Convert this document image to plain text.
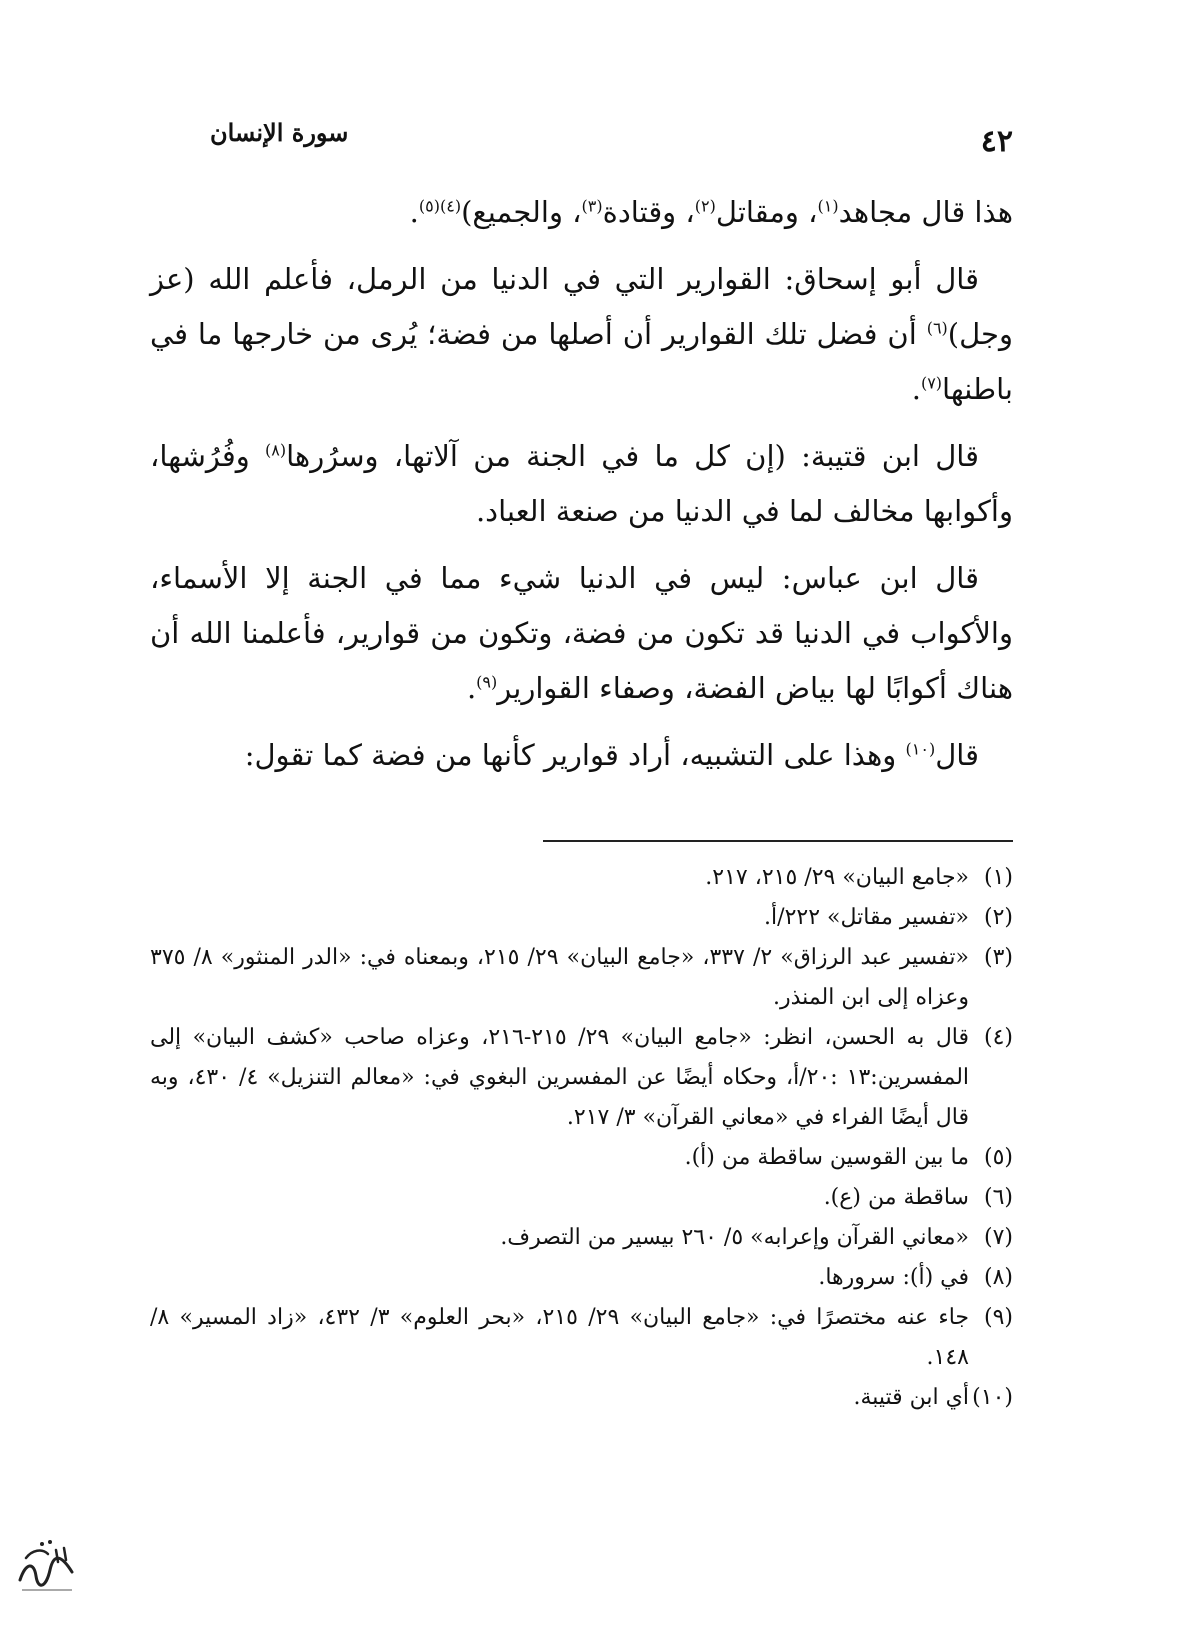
٤٢
سورة الإنسان

هذا قال مجاهد$^{(١)}$، ومقاتل$^{(٢)}$، وقتادة$^{(٣)}$، والجميع)$^{(٤)(٥)}$.

قال أبو إسحاق: القوارير التي في الدنيا من الرمل، فأعلم الله (عز وجل)$^{(٦)}$ أن فضل تلك القوارير أن أصلها من فضة؛ يُرى من خارجها ما في باطنها$^{(٧)}$.

قال ابن قتيبة: (إن كل ما في الجنة من آلاتها، وسرُرها$^{(٨)}$ وفُرُشها، وأكوابها مخالف لما في الدنيا من صنعة العباد.

قال ابن عباس: ليس في الدنيا شيء مما في الجنة إلا الأسماء، والأكواب في الدنيا قد تكون من فضة، وتكون من قوارير، فأعلمنا الله أن هناك أكوابًا لها بياض الفضة، وصفاء القوارير$^{(٩)}$.

قال$^{(١٠)}$ وهذا على التشبيه، أراد قوارير كأنها من فضة كما تقول:

(١)
«جامع البيان» ٢٩/ ٢١٥، ٢١٧.
(٢)
«تفسير مقاتل» ٢٢٢/أ.
(٣)
«تفسير عبد الرزاق» ٢/ ٣٣٧، «جامع البيان» ٢٩/ ٢١٥، وبمعناه في: «الدر المنثور» ٨/ ٣٧٥ وعزاه إلى ابن المنذر.
(٤)
قال به الحسن، انظر: «جامع البيان» ٢٩/ ٢١٥-٢١٦، وعزاه صاحب «كشف البيان» إلى المفسرين:١٣ :٢٠/أ، وحكاه أيضًا عن المفسرين البغوي في: «معالم التنزيل» ٤/ ٤٣٠، وبه قال أيضًا الفراء في «معاني القرآن» ٣/ ٢١٧.
(٥)
ما بين القوسين ساقطة من (أ).
(٦)
ساقطة من (ع).
(٧)
«معاني القرآن وإعرابه» ٥/ ٢٦٠ بيسير من التصرف.
(٨)
في (أ): سرورها.
(٩)
جاء عنه مختصرًا في: «جامع البيان» ٢٩/ ٢١٥، «بحر العلوم» ٣/ ٤٣٢، «زاد المسير» ٨/ ١٤٨.
(١٠)
أي ابن قتيبة.
